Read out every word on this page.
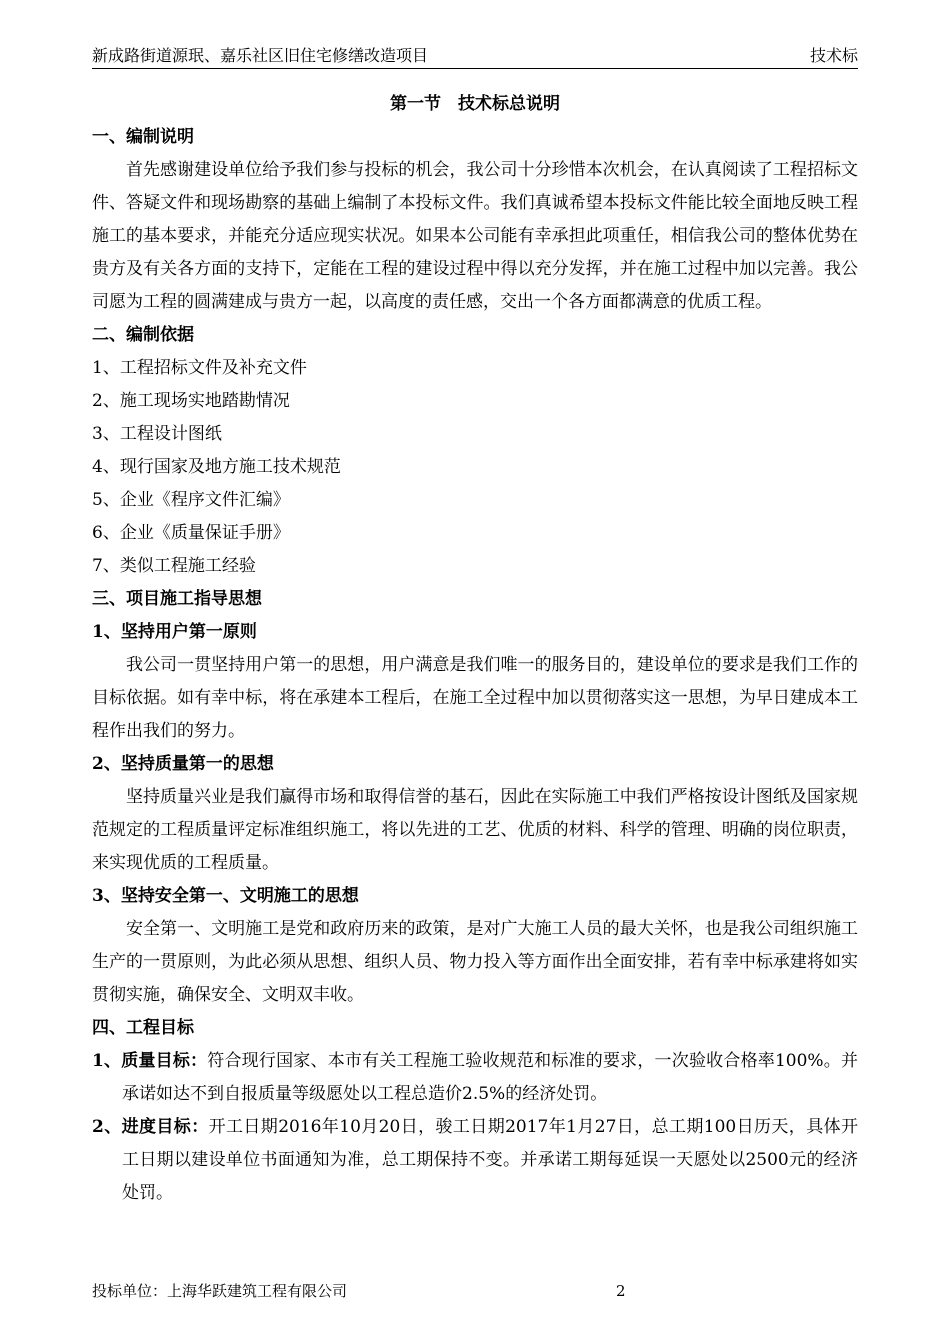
新成路街道源珉、嘉乐社区旧住宅修缮改造项目	技术标
第一节　技术标总说明
一、编制说明

首先感谢建设单位给予我们参与投标的机会，我公司十分珍惜本次机会，在认真阅读了工程招标文件、答疑文件和现场勘察的基础上编制了本投标文件。我们真诚希望本投标文件能比较全面地反映工程施工的基本要求，并能充分适应现实状况。如果本公司能有幸承担此项重任，相信我公司的整体优势在贵方及有关各方面的支持下，定能在工程的建设过程中得以充分发挥，并在施工过程中加以完善。我公司愿为工程的圆满建成与贵方一起，以高度的责任感，交出一个各方面都满意的优质工程。

二、编制依据
1、工程招标文件及补充文件
2、施工现场实地踏勘情况
3、工程设计图纸
4、现行国家及地方施工技术规范
5、企业《程序文件汇编》
6、企业《质量保证手册》
7、类似工程施工经验
三、项目施工指导思想
1、坚持用户第一原则

我公司一贯坚持用户第一的思想，用户满意是我们唯一的服务目的，建设单位的要求是我们工作的目标依据。如有幸中标，将在承建本工程后，在施工全过程中加以贯彻落实这一思想，为早日建成本工程作出我们的努力。

2、坚持质量第一的思想

坚持质量兴业是我们赢得市场和取得信誉的基石，因此在实际施工中我们严格按设计图纸及国家规范规定的工程质量评定标准组织施工，将以先进的工艺、优质的材料、科学的管理、明确的岗位职责，来实现优质的工程质量。

3、坚持安全第一、文明施工的思想

安全第一、文明施工是党和政府历来的政策，是对广大施工人员的最大关怀，也是我公司组织施工生产的一贯原则，为此必须从思想、组织人员、物力投入等方面作出全面安排，若有幸中标承建将如实贯彻实施，确保安全、文明双丰收。

四、工程目标

1、质量目标：符合现行国家、本市有关工程施工验收规范和标准的要求，一次验收合格率100%。并承诺如达不到自报质量等级愿处以工程总造价2.5%的经济处罚。

2、进度目标：开工日期2016年10月20日，骏工日期2017年1月27日，总工期100日历天，具体开工日期以建设单位书面通知为准，总工期保持不变。并承诺工期每延误一天愿处以2500元的经济处罚。

投标单位：上海华跃建筑工程有限公司	2
